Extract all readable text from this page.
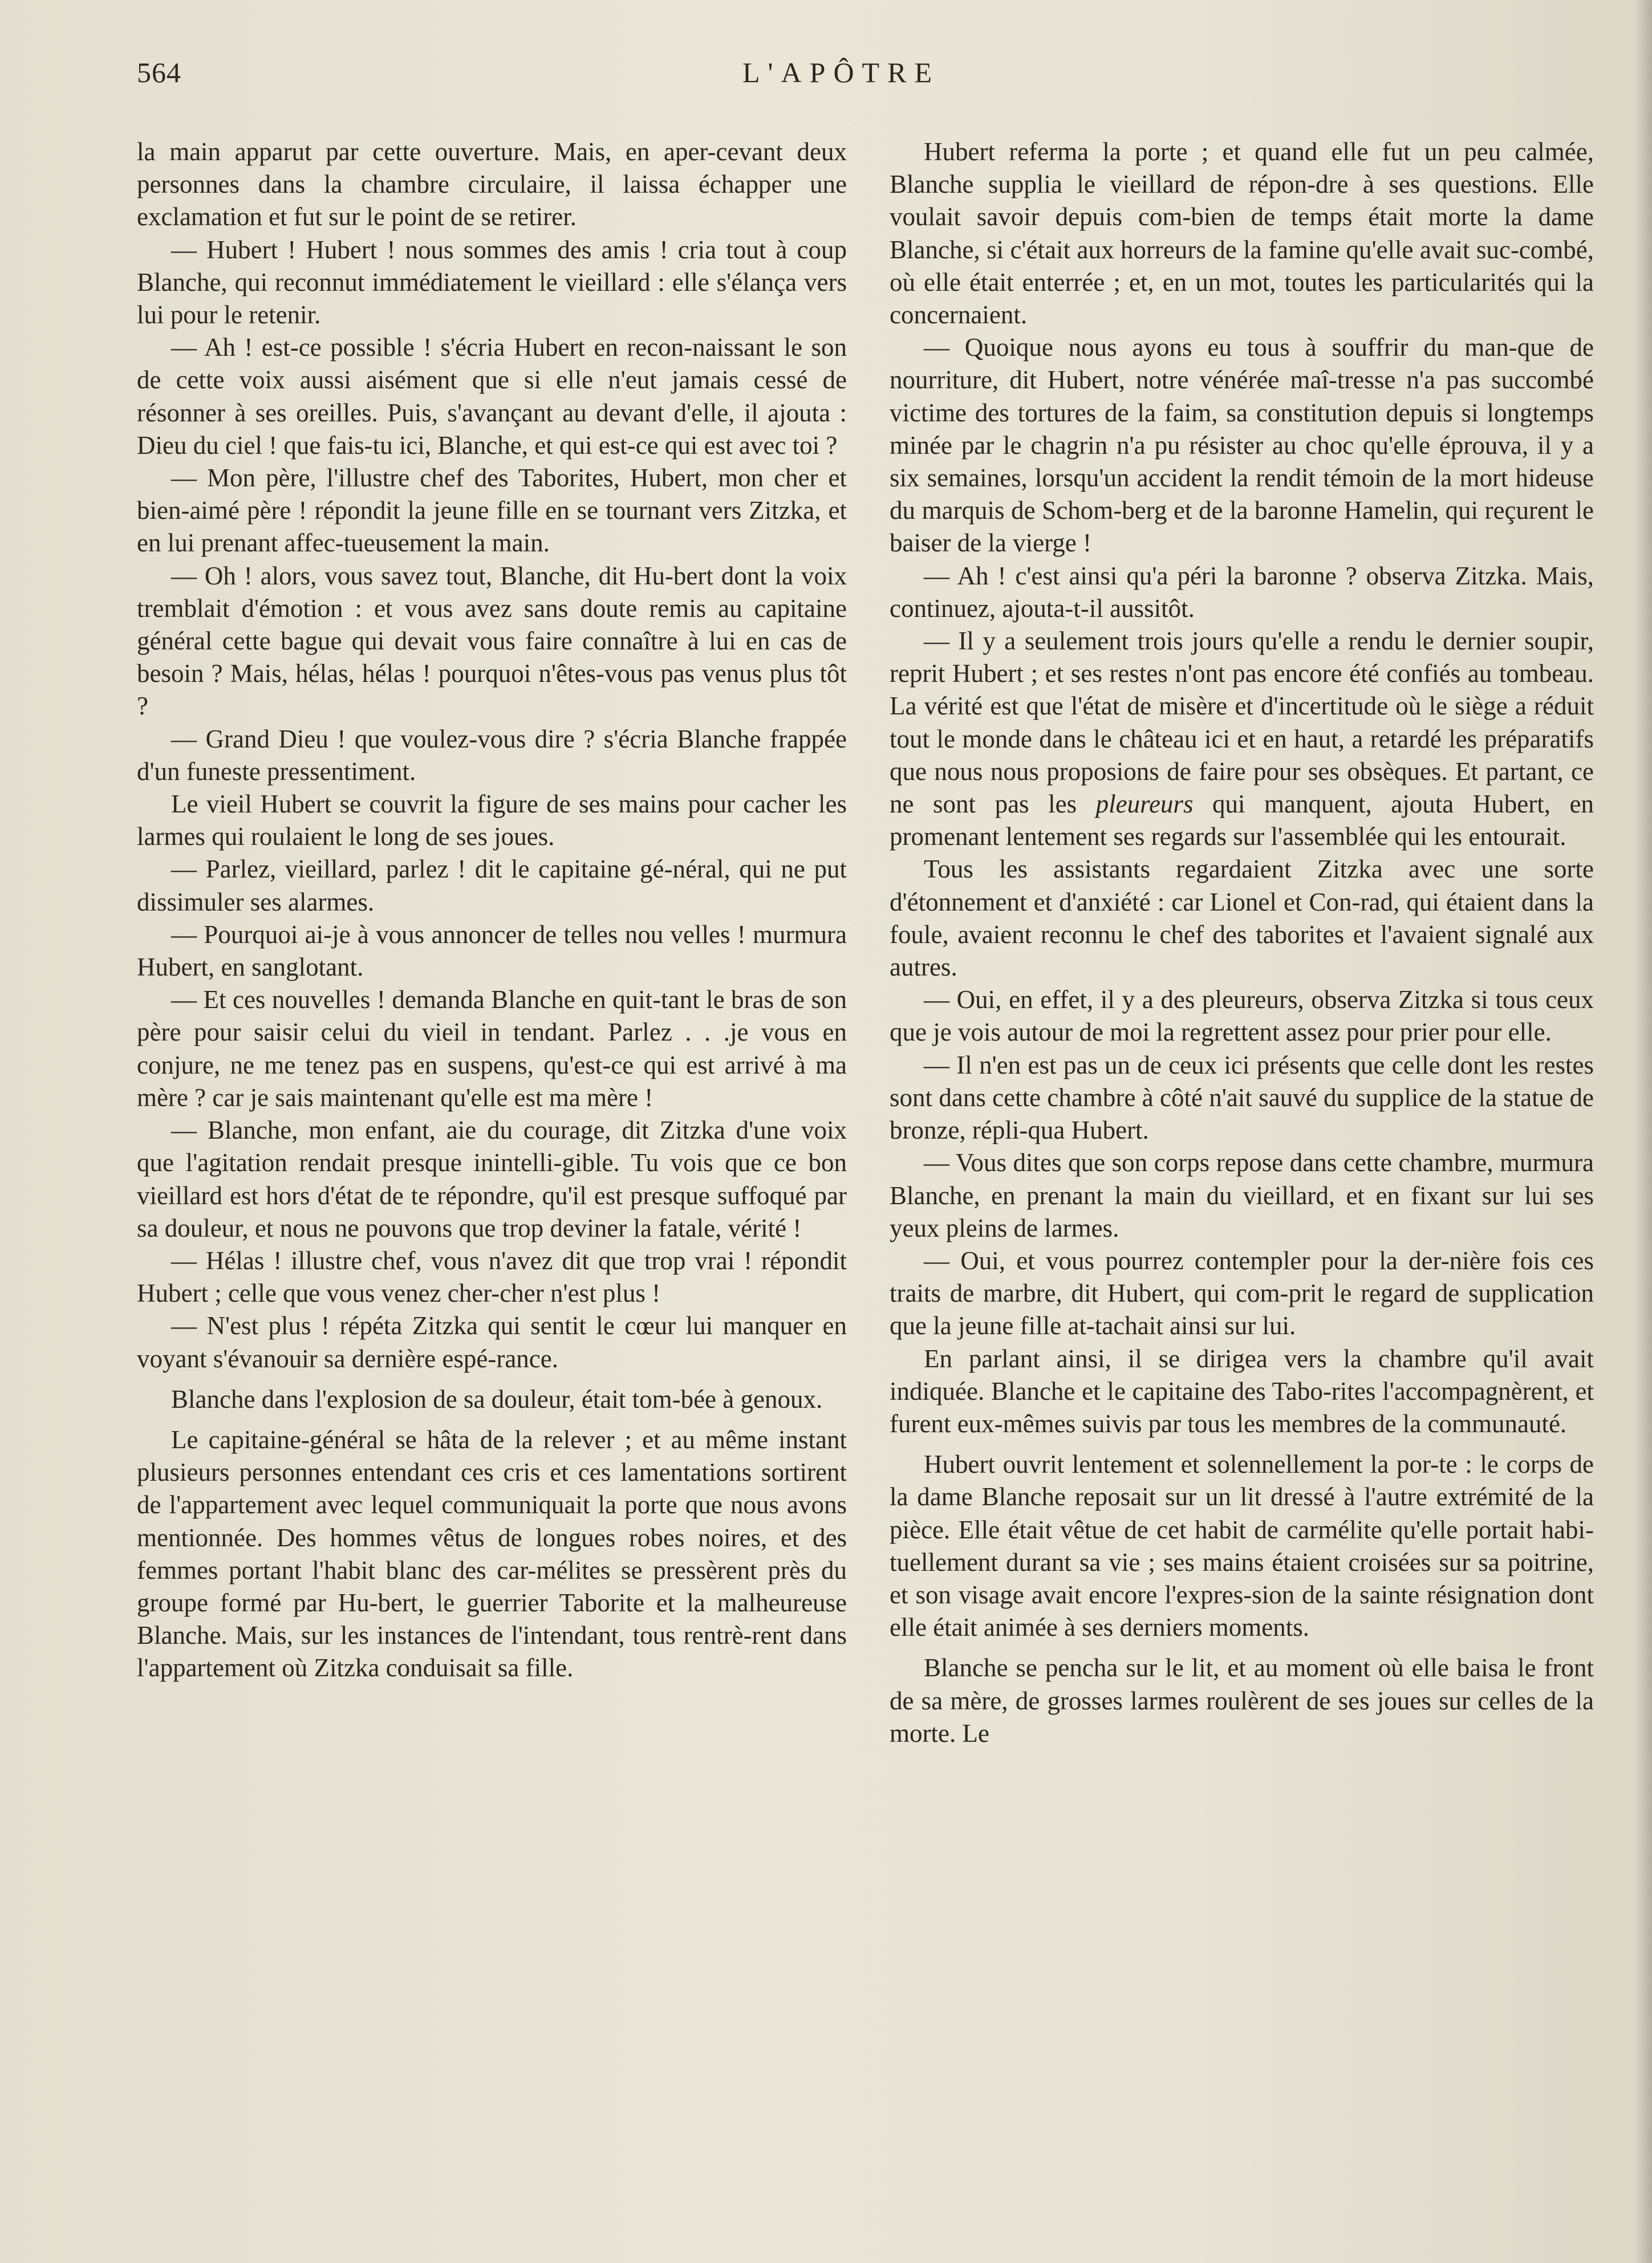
564	L'APÔTRE

la main apparut par cette ouverture. Mais, en aper-cevant deux personnes dans la chambre circulaire, il laissa échapper une exclamation et fut sur le point de se retirer.

— Hubert ! Hubert ! nous sommes des amis ! cria tout à coup Blanche, qui reconnut immédiatement le vieillard : elle s'élança vers lui pour le retenir.

— Ah ! est-ce possible ! s'écria Hubert en recon-naissant le son de cette voix aussi aisément que si elle n'eut jamais cessé de résonner à ses oreilles. Puis, s'avançant au devant d'elle, il ajouta : Dieu du ciel ! que fais-tu ici, Blanche, et qui est-ce qui est avec toi ?

— Mon père, l'illustre chef des Taborites, Hubert, mon cher et bien-aimé père ! répondit la jeune fille en se tournant vers Zitzka, et en lui prenant affec-tueusement la main.

— Oh ! alors, vous savez tout, Blanche, dit Hu-bert dont la voix tremblait d'émotion : et vous avez sans doute remis au capitaine général cette bague qui devait vous faire connaître à lui en cas de besoin ? Mais, hélas, hélas ! pourquoi n'êtes-vous pas venus plus tôt ?

— Grand Dieu ! que voulez-vous dire ? s'écria Blanche frappée d'un funeste pressentiment.

Le vieil Hubert se couvrit la figure de ses mains pour cacher les larmes qui roulaient le long de ses joues.

— Parlez, vieillard, parlez ! dit le capitaine gé-néral, qui ne put dissimuler ses alarmes.

— Pourquoi ai-je à vous annoncer de telles nou velles ! murmura Hubert, en sanglotant.

— Et ces nouvelles ! demanda Blanche en quit-tant le bras de son père pour saisir celui du vieil in tendant. Parlez . . .je vous en conjure, ne me tenez pas en suspens, qu'est-ce qui est arrivé à ma mère ? car je sais maintenant qu'elle est ma mère !

— Blanche, mon enfant, aie du courage, dit Zitzka d'une voix que l'agitation rendait presque inintelli-gible. Tu vois que ce bon vieillard est hors d'état de te répondre, qu'il est presque suffoqué par sa douleur, et nous ne pouvons que trop deviner la fatale, vérité !

— Hélas ! illustre chef, vous n'avez dit que trop vrai ! répondit Hubert ; celle que vous venez cher-cher n'est plus !

— N'est plus ! répéta Zitzka qui sentit le cœur lui manquer en voyant s'évanouir sa dernière espé-rance.

Blanche dans l'explosion de sa douleur, était tom-bée à genoux.

Le capitaine-général se hâta de la relever ; et au même instant plusieurs personnes entendant ces cris et ces lamentations sortirent de l'appartement avec lequel communiquait la porte que nous avons mentionnée. Des hommes vêtus de longues robes noires, et des femmes portant l'habit blanc des car-mélites se pressèrent près du groupe formé par Hu-bert, le guerrier Taborite et la malheureuse Blanche. Mais, sur les instances de l'intendant, tous rentrè-rent dans l'appartement où Zitzka conduisait sa fille.

Hubert referma la porte ; et quand elle fut un peu calmée, Blanche supplia le vieillard de répon-dre à ses questions. Elle voulait savoir depuis com-bien de temps était morte la dame Blanche, si c'était aux horreurs de la famine qu'elle avait suc-combé, où elle était enterrée ; et, en un mot, toutes les particularités qui la concernaient.

— Quoique nous ayons eu tous à souffrir du man-que de nourriture, dit Hubert, notre vénérée maî-tresse n'a pas succombé victime des tortures de la faim, sa constitution depuis si longtemps minée par le chagrin n'a pu résister au choc qu'elle éprouva, il y a six semaines, lorsqu'un accident la rendit témoin de la mort hideuse du marquis de Schom-berg et de la baronne Hamelin, qui reçurent le baiser de la vierge !

— Ah ! c'est ainsi qu'a péri la baronne ? observa Zitzka. Mais, continuez, ajouta-t-il aussitôt.

— Il y a seulement trois jours qu'elle a rendu le dernier soupir, reprit Hubert ; et ses restes n'ont pas encore été confiés au tombeau. La vérité est que l'état de misère et d'incertitude où le siège a réduit tout le monde dans le château ici et en haut, a retardé les préparatifs que nous nous proposions de faire pour ses obsèques. Et partant, ce ne sont pas les pleureurs qui manquent, ajouta Hubert, en promenant lentement ses regards sur l'assemblée qui les entourait.

Tous les assistants regardaient Zitzka avec une sorte d'étonnement et d'anxiété : car Lionel et Con-rad, qui étaient dans la foule, avaient reconnu le chef des taborites et l'avaient signalé aux autres.

— Oui, en effet, il y a des pleureurs, observa Zitzka si tous ceux que je vois autour de moi la regrettent assez pour prier pour elle.

— Il n'en est pas un de ceux ici présents que celle dont les restes sont dans cette chambre à côté n'ait sauvé du supplice de la statue de bronze, répli-qua Hubert.

— Vous dites que son corps repose dans cette chambre, murmura Blanche, en prenant la main du vieillard, et en fixant sur lui ses yeux pleins de larmes.

— Oui, et vous pourrez contempler pour la der-nière fois ces traits de marbre, dit Hubert, qui com-prit le regard de supplication que la jeune fille at-tachait ainsi sur lui.

En parlant ainsi, il se dirigea vers la chambre qu'il avait indiquée. Blanche et le capitaine des Tabo-rites l'accompagnèrent, et furent eux-mêmes suivis par tous les membres de la communauté.

Hubert ouvrit lentement et solennellement la por-te : le corps de la dame Blanche reposait sur un lit dressé à l'autre extrémité de la pièce. Elle était vêtue de cet habit de carmélite qu'elle portait habi-tuellement durant sa vie ; ses mains étaient croisées sur sa poitrine, et son visage avait encore l'expres-sion de la sainte résignation dont elle était animée à ses derniers moments.

Blanche se pencha sur le lit, et au moment où elle baisa le front de sa mère, de grosses larmes roulèrent de ses joues sur celles de la morte. Le
